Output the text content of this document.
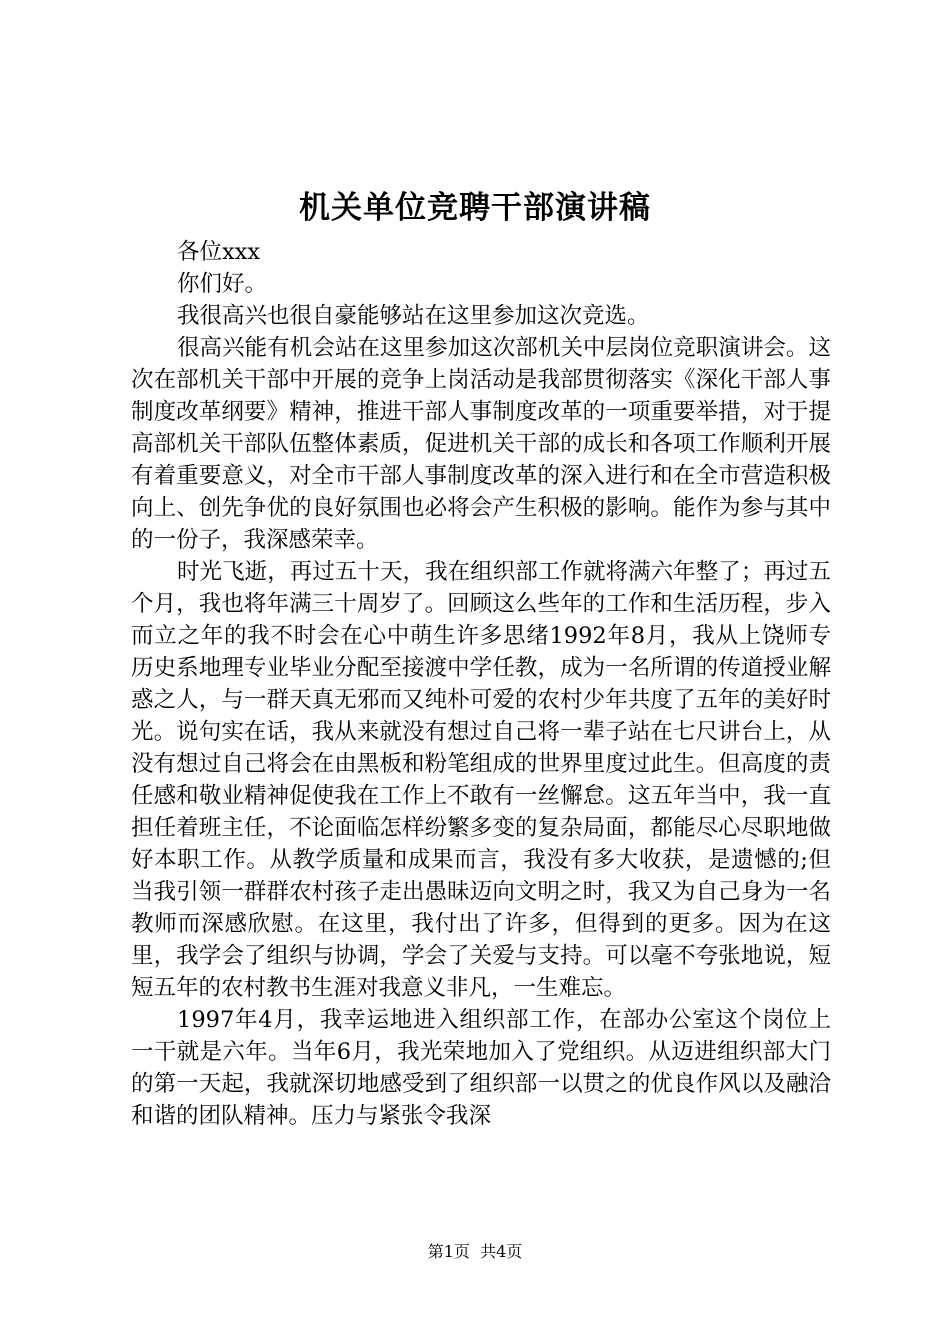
机关单位竞聘干部演讲稿

各位xxx

你们好。

我很高兴也很自豪能够站在这里参加这次竞选。

很高兴能有机会站在这里参加这次部机关中层岗位竞职演讲会。这次在部机关干部中开展的竞争上岗活动是我部贯彻落实《深化干部人事制度改革纲要》精神，推进干部人事制度改革的一项重要举措，对于提高部机关干部队伍整体素质，促进机关干部的成长和各项工作顺利开展有着重要意义，对全市干部人事制度改革的深入进行和在全市营造积极向上、创先争优的良好氛围也必将会产生积极的影响。能作为参与其中的一份子，我深感荣幸。

时光飞逝，再过五十天，我在组织部工作就将满六年整了；再过五个月，我也将年满三十周岁了。回顾这么些年的工作和生活历程，步入而立之年的我不时会在心中萌生许多思绪1992年8月，我从上饶师专历史系地理专业毕业分配至接渡中学任教，成为一名所谓的传道授业解惑之人，与一群天真无邪而又纯朴可爱的农村少年共度了五年的美好时光。说句实在话，我从来就没有想过自己将一辈子站在七尺讲台上，从没有想过自己将会在由黑板和粉笔组成的世界里度过此生。但高度的责任感和敬业精神促使我在工作上不敢有一丝懈怠。这五年当中，我一直担任着班主任，不论面临怎样纷繁多变的复杂局面，都能尽心尽职地做好本职工作。从教学质量和成果而言，我没有多大收获，是遗憾的;但当我引领一群群农村孩子走出愚昧迈向文明之时，我又为自己身为一名教师而深感欣慰。在这里，我付出了许多，但得到的更多。因为在这里，我学会了组织与协调，学会了关爱与支持。可以毫不夸张地说，短短五年的农村教书生涯对我意义非凡，一生难忘。

1997年4月，我幸运地进入组织部工作，在部办公室这个岗位上一干就是六年。当年6月，我光荣地加入了党组织。从迈进组织部大门的第一天起，我就深切地感受到了组织部一以贯之的优良作风以及融洽和谐的团队精神。压力与紧张令我深

第1页 共4页
